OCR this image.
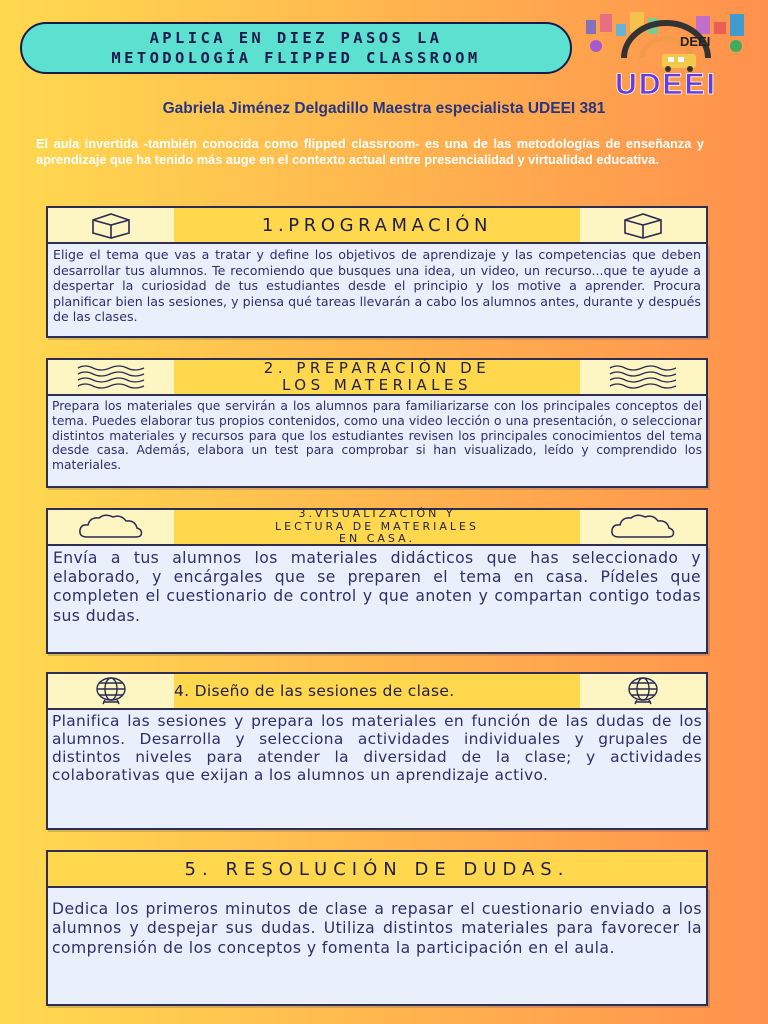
APLICA EN DIEZ PASOS LA
METODOLOGÍA FLIPPED CLASSROOM
DEEI
UDEEI
Gabriela Jiménez Delgadillo Maestra especialista UDEEI 381
El aula invertida -también conocida como flipped classroom- es una de las metodologías de enseñanza y aprendizaje que ha tenido más auge en el contexto actual entre presencialidad y virtualidad educativa.
1.PROGRAMACIÓN
Elige el tema que vas a tratar y define los objetivos de aprendizaje y las competencias que deben desarrollar tus alumnos. Te recomiendo que busques una idea, un video, un recurso...que te ayude a despertar la curiosidad de tus estudiantes desde el principio y los motive a aprender. Procura planificar bien las sesiones, y piensa qué tareas llevarán a cabo los alumnos antes, durante y después de las clases.
2. PREPARACIÓN DE
LOS MATERIALES
Prepara los materiales que servirán a los alumnos para familiarizarse con los principales conceptos del tema. Puedes elaborar tus propios contenidos, como una video lección o una presentación, o seleccionar distintos materiales y recursos para que los estudiantes revisen los principales conocimientos del tema desde casa. Además, elabora un test para comprobar si han visualizado, leído y comprendido los materiales.
3.VISUALIZACIÓN Y
LECTURA DE MATERIALES
EN CASA.
Envía a tus alumnos los materiales didácticos que has seleccionado y elaborado, y encárgales que se preparen el tema en casa. Pídeles que completen el cuestionario de control y que anoten y compartan contigo todas sus dudas.
4. Diseño de las sesiones de clase.
Planifica las sesiones y prepara los materiales en función de las dudas de los alumnos. Desarrolla y selecciona actividades individuales y grupales de distintos niveles para atender la diversidad de la clase; y actividades colaborativas que exijan a los alumnos un aprendizaje activo.
5. RESOLUCIÓN DE DUDAS.
Dedica los primeros minutos de clase a repasar el cuestionario enviado a los alumnos y despejar sus dudas. Utiliza distintos materiales para favorecer la comprensión de los conceptos y fomenta la participación en el aula.
